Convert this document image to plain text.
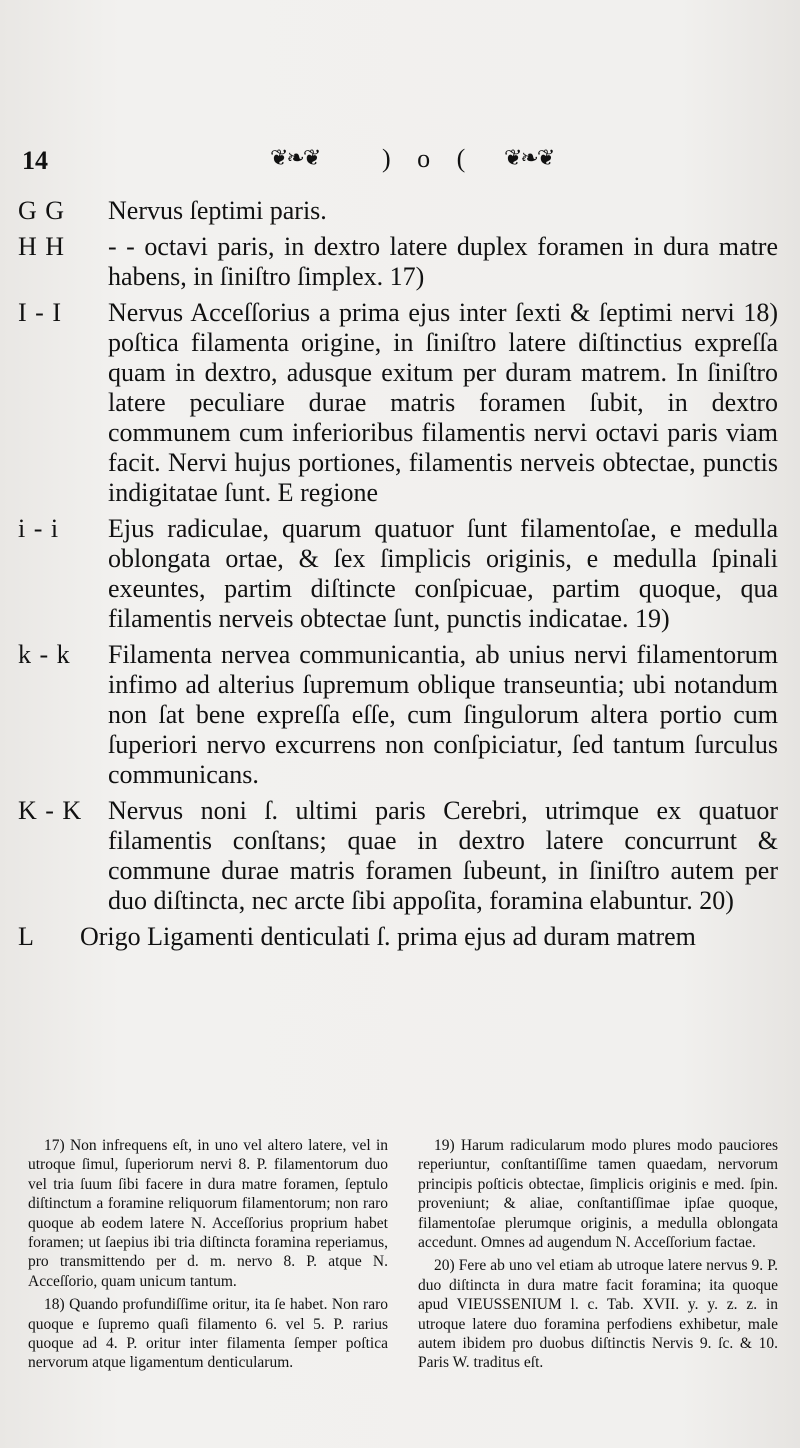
14	❦❧❦ ) o ( ❦❧❦
G G	Nervus ſeptimi paris.
H H	- - octavi paris, in dextro latere duplex foramen in dura matre habens, in ſiniſtro ſimplex. 17)
I - I	Nervus Acceſſorius a prima ejus inter ſexti & ſeptimi nervi 18) poſtica filamenta origine, in ſiniſtro latere diſtinctius expreſſa quam in dextro, adusque exitum per duram matrem. In ſiniſtro latere peculiare durae matris foramen ſubit, in dextro communem cum inferioribus filamentis nervi octavi paris viam facit. Nervi hujus portiones, filamentis nerveis obtectae, punctis indigitatae ſunt. E regione
i - i	Ejus radiculae, quarum quatuor ſunt filamentoſae, e medulla oblongata ortae, & ſex ſimplicis originis, e medulla ſpinali exeuntes, partim diſtincte conſpicuae, partim quoque, qua filamentis nerveis obtectae ſunt, punctis indicatae. 19)
k - k	Filamenta nervea communicantia, ab unius nervi filamentorum infimo ad alterius ſupremum oblique transeuntia; ubi notandum non ſat bene expreſſa eſſe, cum ſingulorum altera portio cum ſuperiori nervo excurrens non conſpiciatur, ſed tantum ſurculus communicans.
K - K Nervus noni ſ. ultimi paris Cerebri, utrimque ex quatuor filamentis conſtans; quae in dextro latere concurrunt & commune durae matris foramen ſubeunt, in ſiniſtro autem per duo diſtincta, nec arcte ſibi appoſita, foramina elabuntur. 20)
L	Origo Ligamenti denticulati ſ. prima ejus ad duram matrem

17) Non infrequens eſt, in uno vel altero latere, vel in utroque ſimul, ſuperiorum nervi 8. P. filamentorum duo vel tria ſuum ſibi facere in dura matre foramen, ſeptulo diſtinctum a foramine reliquorum filamentorum; non raro quoque ab eodem latere N. Acceſſorius proprium habet foramen; ut ſaepius ibi tria diſtincta foramina reperiamus, pro transmittendo per d. m. nervo 8. P. atque N. Acceſſorio, quam unicum tantum.

18) Quando profundiſſime oritur, ita ſe habet. Non raro quoque e ſupremo quaſi filamento 6. vel 5. P. rarius quoque ad 4. P. oritur inter filamenta ſemper poſtica nervorum atque ligamentum denticularum.

19) Harum radicularum modo plures modo pauciores reperiuntur, conſtantiſſime tamen quaedam, nervorum principis poſticis obtectae, ſimplicis originis e med. ſpin. proveniunt; & aliae, conſtantiſſimae ipſae quoque, filamentoſae plerumque originis, a medulla oblongata accedunt. Omnes ad augendum N. Acceſſorium factae.

20) Fere ab uno vel etiam ab utroque latere nervus 9. P. duo diſtincta in dura matre facit foramina; ita quoque apud VIEUSSENIUM l. c. Tab. XVII. y. y. z. z. in utroque latere duo foramina perfodiens exhibetur, male autem ibidem pro duobus diſtinctis Nervis 9. ſc. & 10. Paris W. traditus eſt.
